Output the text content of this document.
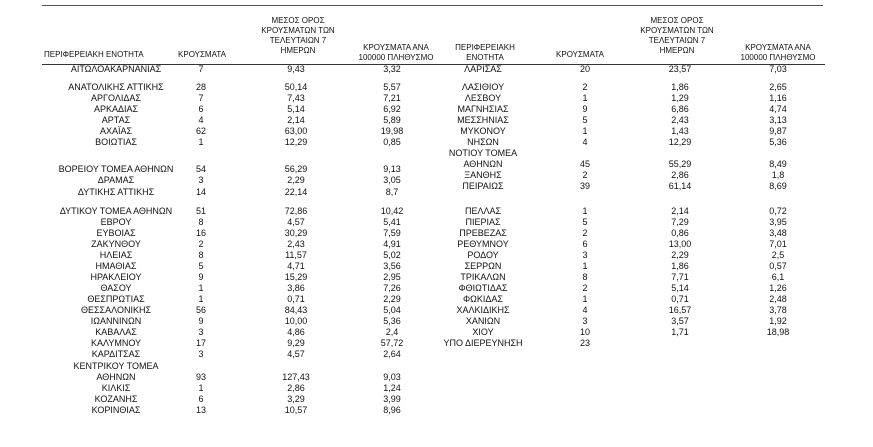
ΠΕΡΙΦΕΡΕΙΑΚΗ ΕΝΟΤΗΤΑ	ΚΡΟΥΣΜΑΤΑ
ΜΕΣΟΣ ΟΡΟΣ
ΚΡΟΥΣΜΑΤΩΝ ΤΩΝ
ΤΕΛΕΥΤΑΙΩΝ 7
ΗΜΕΡΩΝ	ΚΡΟΥΣΜΑΤΑ ΑΝΑ
100000 ΠΛΗΘΥΣΜΟ
ΠΕΡΙΦΕΡΕΙΑΚΗ
ΕΝΟΤΗΤΑ	ΚΡΟΥΣΜΑΤΑ
ΜΕΣΟΣ ΟΡΟΣ
ΚΡΟΥΣΜΑΤΩΝ ΤΩΝ
ΤΕΛΕΥΤΑΙΩΝ 7
ΗΜΕΡΩΝ	ΚΡΟΥΣΜΑΤΑ ΑΝΑ
100000 ΠΛΗΘΥΣΜΟ
ΑΙΤΩΛΟΑΚΑΡΝΑΝΙΑΣ	7	9,43	3,32
ΑΝΑΤΟΛΙΚΗΣ ΑΤΤΙΚΗΣ	28	50,14	5,57
ΑΡΓΟΛΙΔΑΣ	7	7,43	7,21
ΑΡΚΑΔΙΑΣ	6	5,14	6,92
ΑΡΤΑΣ	4	2,14	5,89
ΑΧΑΪΑΣ	62	63,00	19,98
ΒΟΙΩΤΙΑΣ	1	12,29	0,85
ΒΟΡΕΙΟΥ ΤΟΜΕΑ ΑΘΗΝΩΝ	54	56,29	9,13
ΔΡΑΜΑΣ	3	2,29	3,05
ΔΥΤΙΚΗΣ ΑΤΤΙΚΗΣ	14	22,14	8,7
ΔΥΤΙΚΟΥ ΤΟΜΕΑ ΑΘΗΝΩΝ	51	72,86	10,42
ΕΒΡΟΥ	8	4,57	5,41
ΕΥΒΟΙΑΣ	16	30,29	7,59
ΖΑΚΥΝΘΟΥ	2	2,43	4,91
ΗΛΕΙΑΣ	8	11,57	5,02
ΗΜΑΘΙΑΣ	5	4,71	3,56
ΗΡΑΚΛΕΙΟΥ	9	15,29	2,95
ΘΑΣΟΥ	1	3,86	7,26
ΘΕΣΠΡΩΤΙΑΣ	1	0,71	2,29
ΘΕΣΣΑΛΟΝΙΚΗΣ	56	84,43	5,04
ΙΩΑΝΝΙΝΩΝ	9	10,00	5,36
ΚΑΒΑΛΑΣ	3	4,86	2,4
ΚΑΛΥΜΝΟΥ	17	9,29	57,72
ΚΑΡΔΙΤΣΑΣ	3	4,57	2,64
ΚΕΝΤΡΙΚΟΥ ΤΟΜΕΑ
ΑΘΗΝΩΝ	93	127,43	9,03
ΚΙΛΚΙΣ	1	2,86	1,24
ΚΟΖΑΝΗΣ	6	3,29	3,99
ΚΟΡΙΝΘΙΑΣ	13	10,57	8,96
ΛΑΡΙΣΑΣ	20	23,57	7,03
ΛΑΣΙΘΙΟΥ	2	1,86	2,65
ΛΕΣΒΟΥ	1	1,29	1,16
ΜΑΓΝΗΣΙΑΣ	9	6,86	4,74
ΜΕΣΣΗΝΙΑΣ	5	2,43	3,13
ΜΥΚΟΝΟΥ	1	1,43	9,87
ΝΗΣΩΝ	4	12,29	5,36
ΝΟΤΙΟΥ ΤΟΜΕΑ
ΑΘΗΝΩΝ	45	55,29	8,49
ΞΑΝΘΗΣ	2	2,86	1,8
ΠΕΙΡΑΙΩΣ	39	61,14	8,69
ΠΕΛΛΑΣ	1	2,14	0,72
ΠΙΕΡΙΑΣ	5	7,29	3,95
ΠΡΕΒΕΖΑΣ	2	0,86	3,48
ΡΕΘΥΜΝΟΥ	6	13,00	7,01
ΡΟΔΟΥ	3	2,29	2,5
ΣΕΡΡΩΝ	1	1,86	0,57
ΤΡΙΚΑΛΩΝ	8	7,71	6,1
ΦΘΙΩΤΙΔΑΣ	2	5,14	1,26
ΦΩΚΙΔΑΣ	1	0,71	2,48
ΧΑΛΚΙΔΙΚΗΣ	4	16,57	3,78
ΧΑΝΙΩΝ	3	3,57	1,92
ΧΙΟΥ	10	1,71	18,98
ΥΠΟ ΔΙΕΡΕΥΝΗΣΗ	23
